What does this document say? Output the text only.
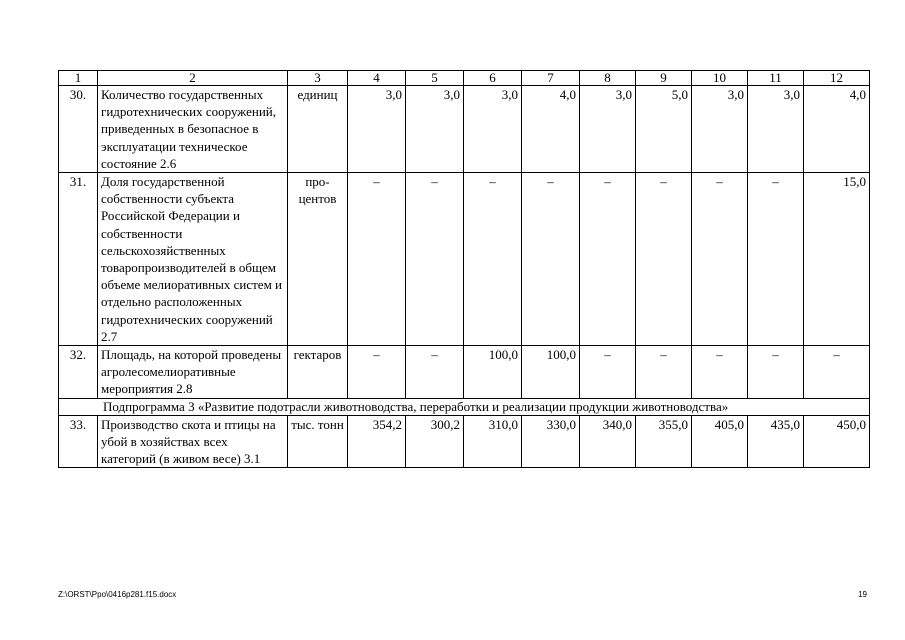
1	2	3	4	5	6	7	8	9	10	11	12
30.	Количество государственных гидротехнических сооружений, приведенных в безопасное в эксплуатации техническое состояние 2.6	единиц	3,0	3,0	3,0	4,0	3,0	5,0	3,0	3,0	4,0
31.	Доля государственной собственности субъекта Российской Федерации и собственности сельскохозяйственных товаропроизводителей в общем объеме мелиоративных систем и отдельно расположенных гидротехнических сооружений 2.7	про- центов	–	–	–	–	–	–	–	–	15,0
32.	Площадь, на которой проведены агролесомелиоративные мероприятия 2.8	гектаров	–	–	100,0	100,0	–	–	–	–	–
Подпрограмма 3 «Развитие подотрасли животноводства, переработки и реализации продукции животноводства»											
33.	Производство скота и птицы на убой в хозяйствах всех категорий (в живом весе) 3.1	тыс. тонн	354,2	300,2	310,0	330,0	340,0	355,0	405,0	435,0	450,0
Z:\ORST\Ppo\0416p281.f15.docx	19
